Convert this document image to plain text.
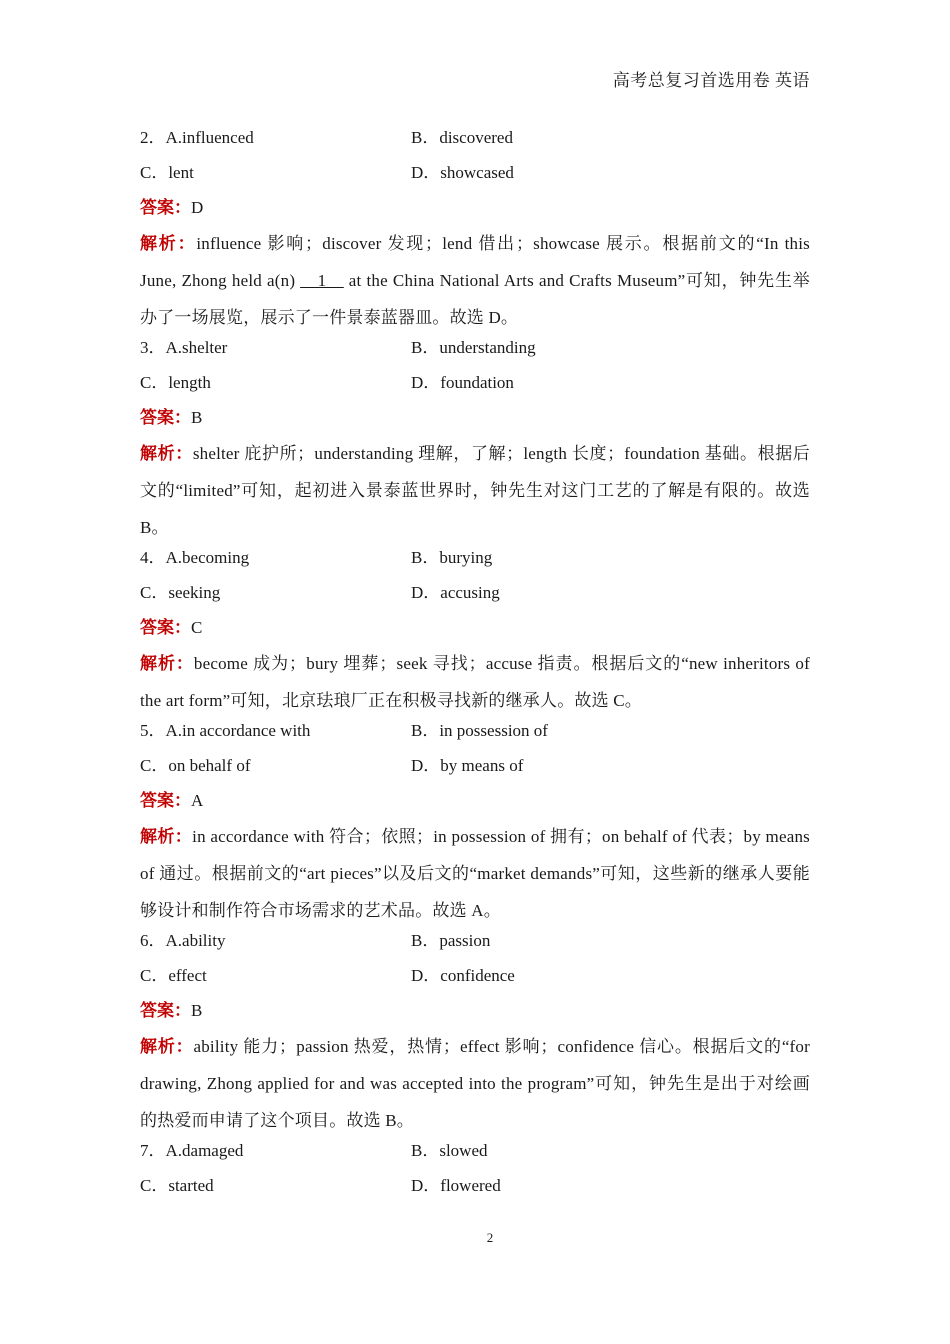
高考总复习首选用卷 英语
2．A.influenced	B．discovered
C．lent	D．showcased
答案：D
解析：influence 影响；discover 发现；lend 借出；showcase 展示。根据前文的“In this June, Zhong held a(n) __1__ at the China National Arts and Crafts Museum”可知，钟先生举办了一场展览，展示了一件景泰蓝器皿。故选 D。
3．A.shelter	B．understanding
C．length	D．foundation
答案：B
解析：shelter 庇护所；understanding 理解，了解；length 长度；foundation 基础。根据后文的“limited”可知，起初进入景泰蓝世界时，钟先生对这门工艺的了解是有限的。故选 B。
4．A.becoming	B．burying
C．seeking	D．accusing
答案：C
解析：become 成为；bury 埋葬；seek 寻找；accuse 指责。根据后文的“new inheritors of the art form”可知，北京珐琅厂正在积极寻找新的继承人。故选 C。
5．A.in accordance with	B．in possession of
C．on behalf of	D．by means of
答案：A
解析：in accordance with 符合；依照；in possession of 拥有；on behalf of 代表；by means of 通过。根据前文的“art pieces”以及后文的“market demands”可知，这些新的继承人要能够设计和制作符合市场需求的艺术品。故选 A。
6．A.ability	B．passion
C．effect	D．confidence
答案：B
解析：ability 能力；passion 热爱，热情；effect 影响；confidence 信心。根据后文的“for drawing, Zhong applied for and was accepted into the program”可知，钟先生是出于对绘画的热爱而申请了这个项目。故选 B。
7．A.damaged	B．slowed
C．started	D．flowered
2
